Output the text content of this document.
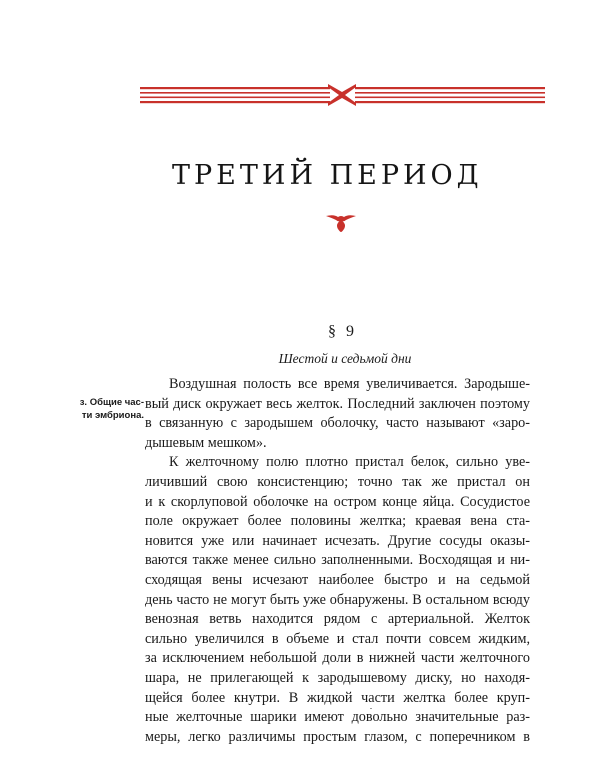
ТРЕТИЙ ПЕРИОД
§ 9
Шестой и седьмой дни
з. Общие час-
ти эмбриона.
Воздушная полость все время увеличивается. Зародыше-
вый диск окружает весь желток. Последний заключен поэтому
в связанную с зародышем оболочку, часто называют «заро-
дышевым мешком».
К желточному полю плотно пристал белок, сильно уве-
личивший свою консистенцию; точно так же пристал он
и к скорлуповой оболочке на остром конце яйца. Сосудистое
поле окружает более половины желтка; краевая вена ста-
новится уже или начинает исчезать. Другие сосуды оказы-
ваются также менее сильно заполненными. Восходящая и ни-
сходящая вены исчезают наиболее быстро и на седьмой
день часто не могут быть уже обнаружены. В остальном всюду
венозная ветвь находится рядом с артериальной. Желток
сильно увеличился в объеме и стал почти совсем жидким,
за исключением небольшой доли в нижней части желточного
шара, не прилегающей к зародышевому диску, но находя-
щейся более кнутри. В жидкой части желтка более круп-
ные желточные шарики имеют довольно значительные раз-
меры, легко различимы простым глазом, с поперечником в
